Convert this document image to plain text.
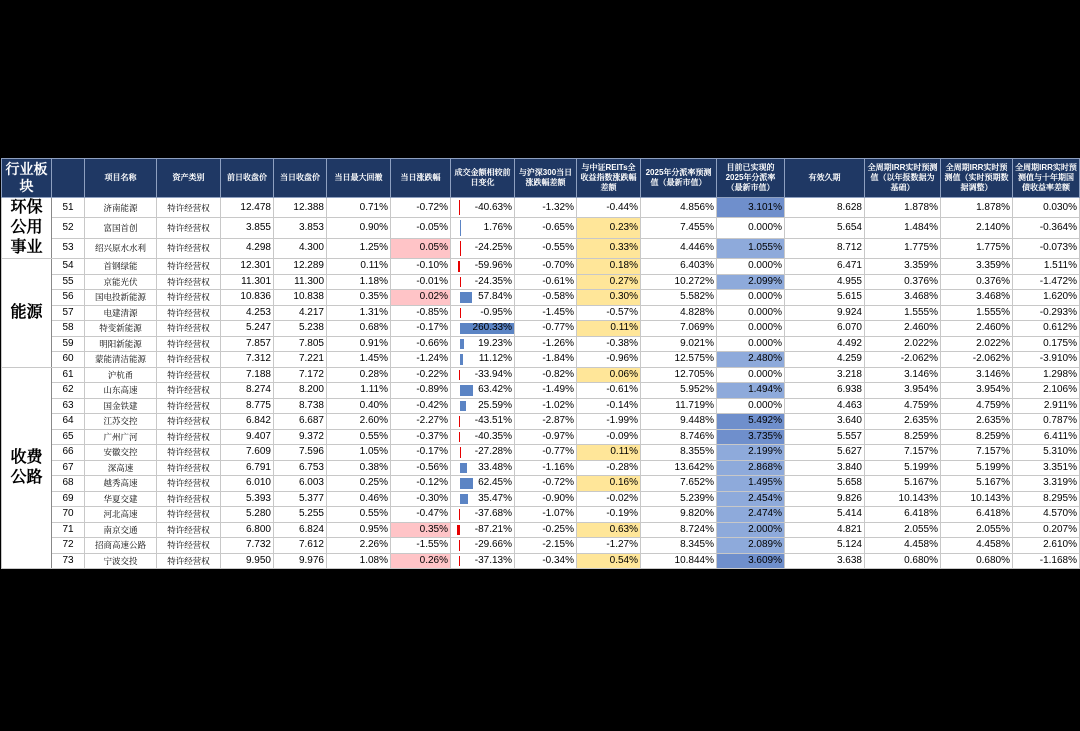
行业板块		项目名称	资产类别	前日收盘价	当日收盘价	当日最大回撤	当日涨跌幅	成交金额相较前日变化	与沪深300当日涨跌幅差额	与中证REITs全收益指数涨跌幅差额	2025年分派率预测值（最新市值）	目前已实现的2025年分派率（最新市值）	有效久期	全周期IRR实时预测值（以年报数据为基础）	全周期IRR实时预测值（实时预期数据调整）	全周期IRR实时预测值与十年期国债收益率差额
环保公用事业	51	济南能源	特许经营权	12.478	12.388	0.71%	-0.72%	-40.63%	-1.32%	-0.44%	4.856%	3.101%	8.628	1.878%	1.878%	0.030%
	52	富国首创	特许经营权	3.855	3.853	0.90%	-0.05%	1.76%	-0.65%	0.23%	7.455%	0.000%	5.654	1.484%	2.140%	-0.364%
	53	绍兴原水水利	特许经营权	4.298	4.300	1.25%	0.05%	-24.25%	-0.55%	0.33%	4.446%	1.055%	8.712	1.775%	1.775%	-0.073%
能源	54	首钢绿能	特许经营权	12.301	12.289	0.11%	-0.10%	-59.96%	-0.70%	0.18%	6.403%	0.000%	6.471	3.359%	3.359%	1.511%
	55	京能光伏	特许经营权	11.301	11.300	1.18%	-0.01%	-24.35%	-0.61%	0.27%	10.272%	2.099%	4.955	0.376%	0.376%	-1.472%
	56	国电投新能源	特许经营权	10.836	10.838	0.35%	0.02%	57.84%	-0.58%	0.30%	5.582%	0.000%	5.615	3.468%	3.468%	1.620%
	57	电建清源	特许经营权	4.253	4.217	1.31%	-0.85%	-0.95%	-1.45%	-0.57%	4.828%	0.000%	9.924	1.555%	1.555%	-0.293%
	58	特变新能源	特许经营权	5.247	5.238	0.68%	-0.17%	260.33%	-0.77%	0.11%	7.069%	0.000%	6.070	2.460%	2.460%	0.612%
	59	明阳新能源	特许经营权	7.857	7.805	0.91%	-0.66%	19.23%	-1.26%	-0.38%	9.021%	0.000%	4.492	2.022%	2.022%	0.175%
	60	蒙能清洁能源	特许经营权	7.312	7.221	1.45%	-1.24%	11.12%	-1.84%	-0.96%	12.575%	2.480%	4.259	-2.062%	-2.062%	-3.910%
收费公路	61	沪杭甬	特许经营权	7.188	7.172	0.28%	-0.22%	-33.94%	-0.82%	0.06%	12.705%	0.000%	3.218	3.146%	3.146%	1.298%
	62	山东高速	特许经营权	8.274	8.200	1.11%	-0.89%	63.42%	-1.49%	-0.61%	5.952%	1.494%	6.938	3.954%	3.954%	2.106%
	63	国金铁建	特许经营权	8.775	8.738	0.40%	-0.42%	25.59%	-1.02%	-0.14%	11.719%	0.000%	4.463	4.759%	4.759%	2.911%
	64	江苏交控	特许经营权	6.842	6.687	2.60%	-2.27%	-43.51%	-2.87%	-1.99%	9.448%	5.492%	3.640	2.635%	2.635%	0.787%
	65	广州广河	特许经营权	9.407	9.372	0.55%	-0.37%	-40.35%	-0.97%	-0.09%	8.746%	3.735%	5.557	8.259%	8.259%	6.411%
	66	安徽交控	特许经营权	7.609	7.596	1.05%	-0.17%	-27.28%	-0.77%	0.11%	8.355%	2.199%	5.627	7.157%	7.157%	5.310%
	67	深高速	特许经营权	6.791	6.753	0.38%	-0.56%	33.48%	-1.16%	-0.28%	13.642%	2.868%	3.840	5.199%	5.199%	3.351%
	68	越秀高速	特许经营权	6.010	6.003	0.25%	-0.12%	62.45%	-0.72%	0.16%	7.652%	1.495%	5.658	5.167%	5.167%	3.319%
	69	华夏交建	特许经营权	5.393	5.377	0.46%	-0.30%	35.47%	-0.90%	-0.02%	5.239%	2.454%	9.826	10.143%	10.143%	8.295%
	70	河北高速	特许经营权	5.280	5.255	0.55%	-0.47%	-37.68%	-1.07%	-0.19%	9.820%	2.474%	5.414	6.418%	6.418%	4.570%
	71	南京交通	特许经营权	6.800	6.824	0.95%	0.35%	-87.21%	-0.25%	0.63%	8.724%	2.000%	4.821	2.055%	2.055%	0.207%
	72	招商高速公路	特许经营权	7.732	7.612	2.26%	-1.55%	-29.66%	-2.15%	-1.27%	8.345%	2.089%	5.124	4.458%	4.458%	2.610%
	73	宁波交投	特许经营权	9.950	9.976	1.08%	0.26%	-37.13%	-0.34%	0.54%	10.844%	3.609%	3.638	0.680%	0.680%	-1.168%
